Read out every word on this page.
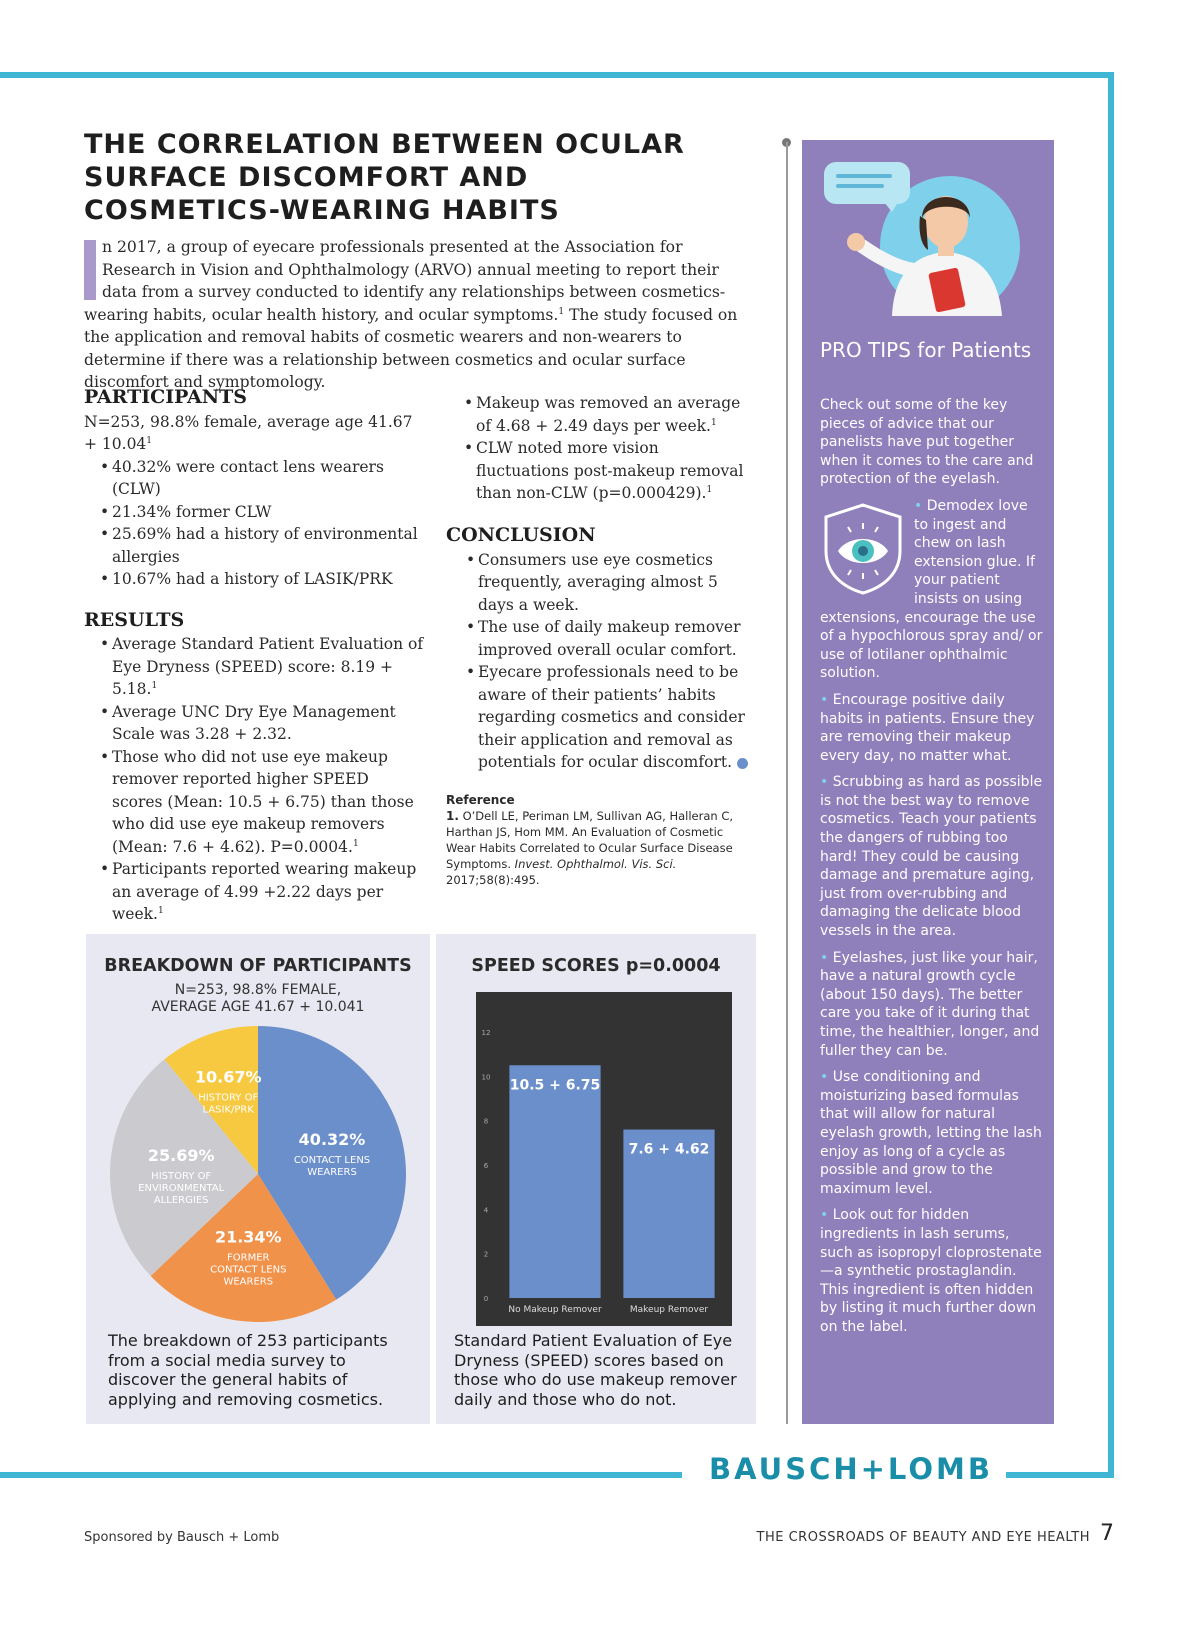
BAUSCH+LOMB
THE CORRELATION BETWEEN OCULAR SURFACE DISCOMFORT AND COSMETICS-WEARING HABITS

n 2017, a group of eyecare professionals presented at the Association for Research in Vision and Ophthalmology (ARVO) annual meeting to report their data from a survey conducted to identify any relationships between cosmetics-wearing habits, ocular health history, and ocular symptoms.$^1$ The study focused on the application and removal habits of cosmetic wearers and non-wearers to determine if there was a relationship between cosmetics and ocular surface discomfort and symptomology.

PARTICIPANTS

N=253, 98.8% female, average age $41.67 + 10.04^1$

• 40.32% were contact lens wearers (CLW)
• 21.34% former CLW
• 25.69% had a history of environmental allergies
• 10.67% had a history of LASIK/PRK
RESULTS
• Average Standard Patient Evaluation of Eye Dryness (SPEED) score: 8.19 + 5.18.$^1$
• Average UNC Dry Eye Management Scale was 3.28 + 2.32.
• Those who did not use eye makeup remover reported higher SPEED scores (Mean: 10.5 + 6.75) than those who did use eye makeup removers (Mean: 7.6 + 4.62). P=0.0004.$^1$
• Participants reported wearing makeup an average of 4.99 +2.22 days per week.$^1$
• Makeup was removed an average of 4.68 + 2.49 days per week.$^1$
• CLW noted more vision fluctuations post-makeup removal than non-CLW (p=0.000429).$^1$
CONCLUSION
• Consumers use eye cosmetics frequently, averaging almost 5 days a week.
• The use of daily makeup remover improved overall ocular comfort.
• Eyecare professionals need to be aware of their patients’ habits regarding cosmetics and consider their application and removal as potentials for ocular discomfort.
Reference
1. O’Dell LE, Periman LM, Sullivan AG, Halleran C, Harthan JS, Hom MM. An Evaluation of Cosmetic Wear Habits Correlated to Ocular Surface Disease Symptoms. Invest. Ophthalmol. Vis. Sci. 2017;58(8):495.
PRO TIPS for Patients

Check out some of the key pieces of advice that our panelists have put together when it comes to the care and protection of the eyelash.

• Demodex love to ingest and chew on lash extension glue. If your patient insists on using extensions, encourage the use of a hypochlorous spray and/ or use of lotilaner ophthalmic solution.

• Encourage positive daily habits in patients. Ensure they are removing their makeup every day, no matter what.

• Scrubbing as hard as possible is not the best way to remove cosmetics. Teach your patients the dangers of rubbing too hard! They could be causing damage and premature aging, just from over-rubbing and damaging the delicate blood vessels in the area.

• Eyelashes, just like your hair, have a natural growth cycle (about 150 days). The better care you take of it during that time, the healthier, longer, and fuller they can be.

• Use conditioning and moisturizing based formulas that will allow for natural eyelash growth, letting the lash enjoy as long of a cycle as possible and grow to the maximum level.

• Look out for hidden ingredients in lash serums, such as isopropyl cloprostenate—a synthetic prostaglandin. This ingredient is often hidden by listing it much further down on the label.

BREAKDOWN OF PARTICIPANTS
N=253, 98.8% FEMALE,
AVERAGE AGE 41.67 + 10.041
40.32%
CONTACT LENS
WEARERS
21.34%
FORMER
CONTACT LENS
WEARERS
25.69%
HISTORY OF
ENVIRONMENTAL
ALLERGIES
10.67%
HISTORY OF
LASIK/PRK
The breakdown of 253 participants from a social media survey to discover the general habits of applying and removing cosmetics.
SPEED SCORES p=0.0004
0
2
4
6
8
10
12
10.5 + 6.75
No Makeup Remover
7.6 + 4.62
Makeup Remover
Standard Patient Evaluation of Eye Dryness (SPEED) scores based on those who do use makeup remover daily and those who do not.
Sponsored by Bausch + Lomb	THE CROSSROADS OF BEAUTY AND EYE HEALTH 7
